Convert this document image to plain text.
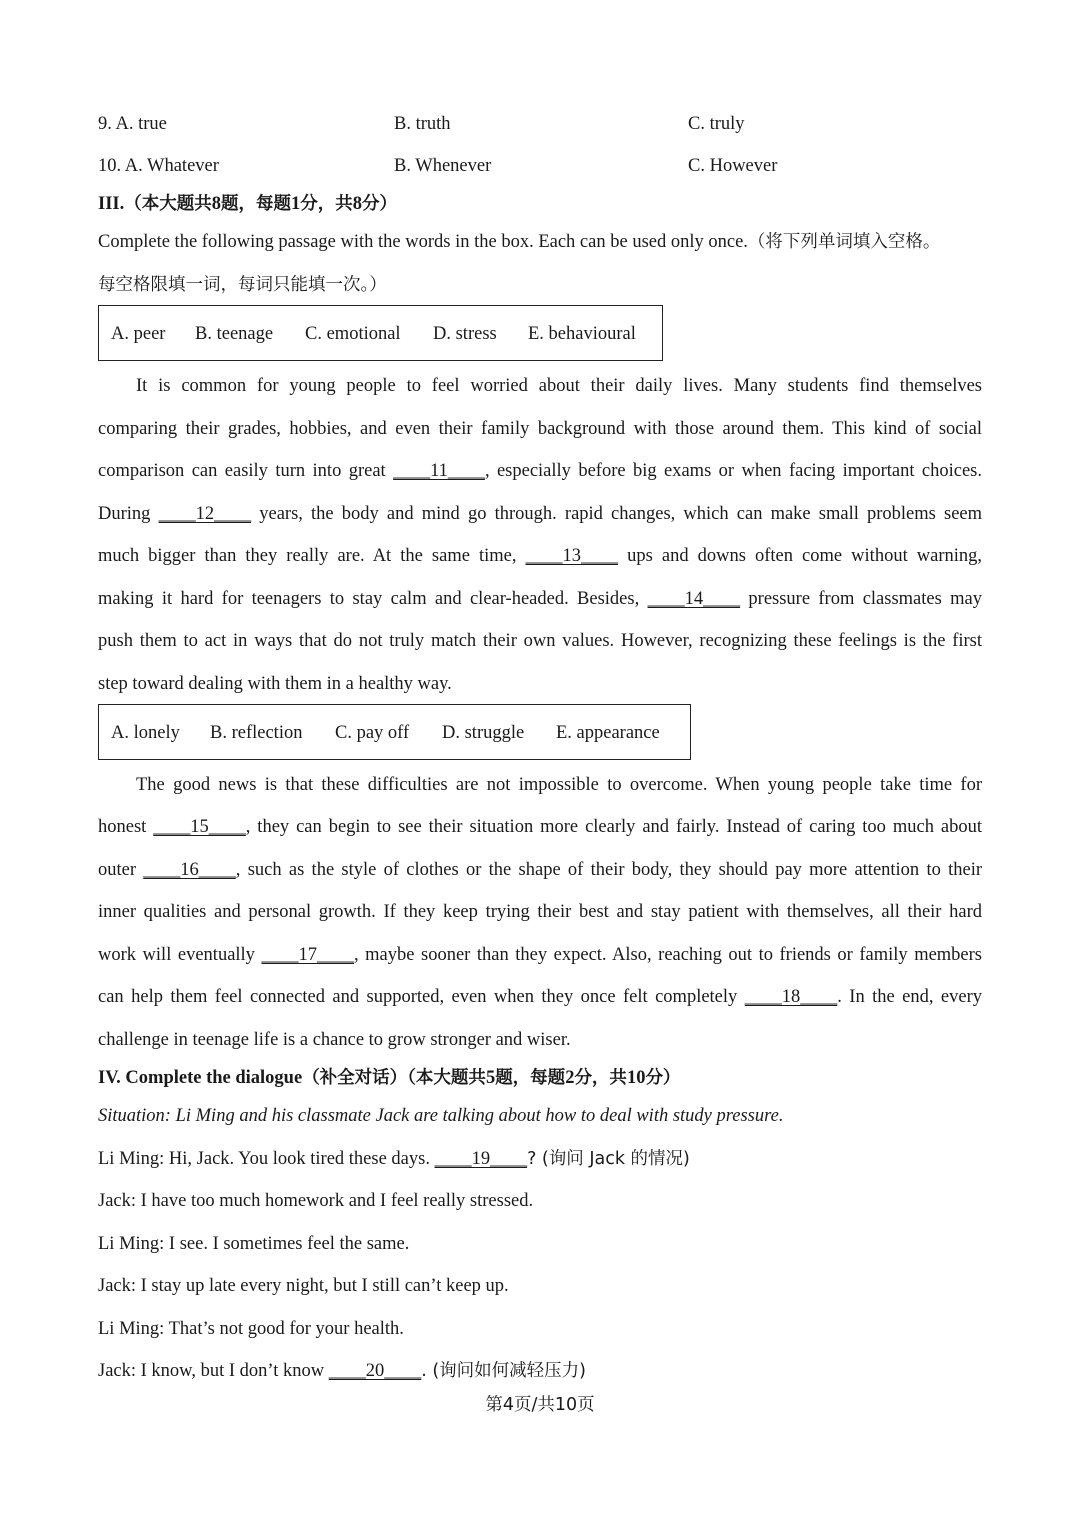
9. A. true	B. truth	C. truly
10. A. Whatever	B. Whenever	C. However
III.（本大题共8题，每题1分，共8分）
Complete the following passage with the words in the box. Each can be used only once.（将下列单词填入空格。
每空格限填一词，每词只能填一次。）
A. peer B. teenage C. emotional D. stress E. behavioural
It is common for young people to feel worried about their daily lives. Many students find themselves
comparing their grades, hobbies, and even their family background with those around them. This kind of social
comparison can easily turn into great ____11____, especially before big exams or when facing important choices.
During ____12____ years, the body and mind go through. rapid changes, which can make small problems seem
much bigger than they really are. At the same time, ____13____ ups and downs often come without warning,
making it hard for teenagers to stay calm and clear-headed. Besides, ____14____ pressure from classmates may
push them to act in ways that do not truly match their own values. However, recognizing these feelings is the first
step toward dealing with them in a healthy way.
A. lonely B. reflection C. pay off D. struggle E. appearance
The good news is that these difficulties are not impossible to overcome. When young people take time for
honest ____15____, they can begin to see their situation more clearly and fairly. Instead of caring too much about
outer ____16____, such as the style of clothes or the shape of their body, they should pay more attention to their
inner qualities and personal growth. If they keep trying their best and stay patient with themselves, all their hard
work will eventually ____17____, maybe sooner than they expect. Also, reaching out to friends or family members
can help them feel connected and supported, even when they once felt completely ____18____. In the end, every
challenge in teenage life is a chance to grow stronger and wiser.
IV. Complete the dialogue（补全对话）（本大题共5题，每题2分，共10分）
Situation: Li Ming and his classmate Jack are talking about how to deal with study pressure.
Li Ming: Hi, Jack. You look tired these days. ____19____? (询问 Jack 的情况)
Jack: I have too much homework and I feel really stressed.
Li Ming: I see. I sometimes feel the same.
Jack: I stay up late every night, but I still can’t keep up.
Li Ming: That’s not good for your health.
Jack: I know, but I don’t know ____20____. (询问如何减轻压力)
第4页/共10页
